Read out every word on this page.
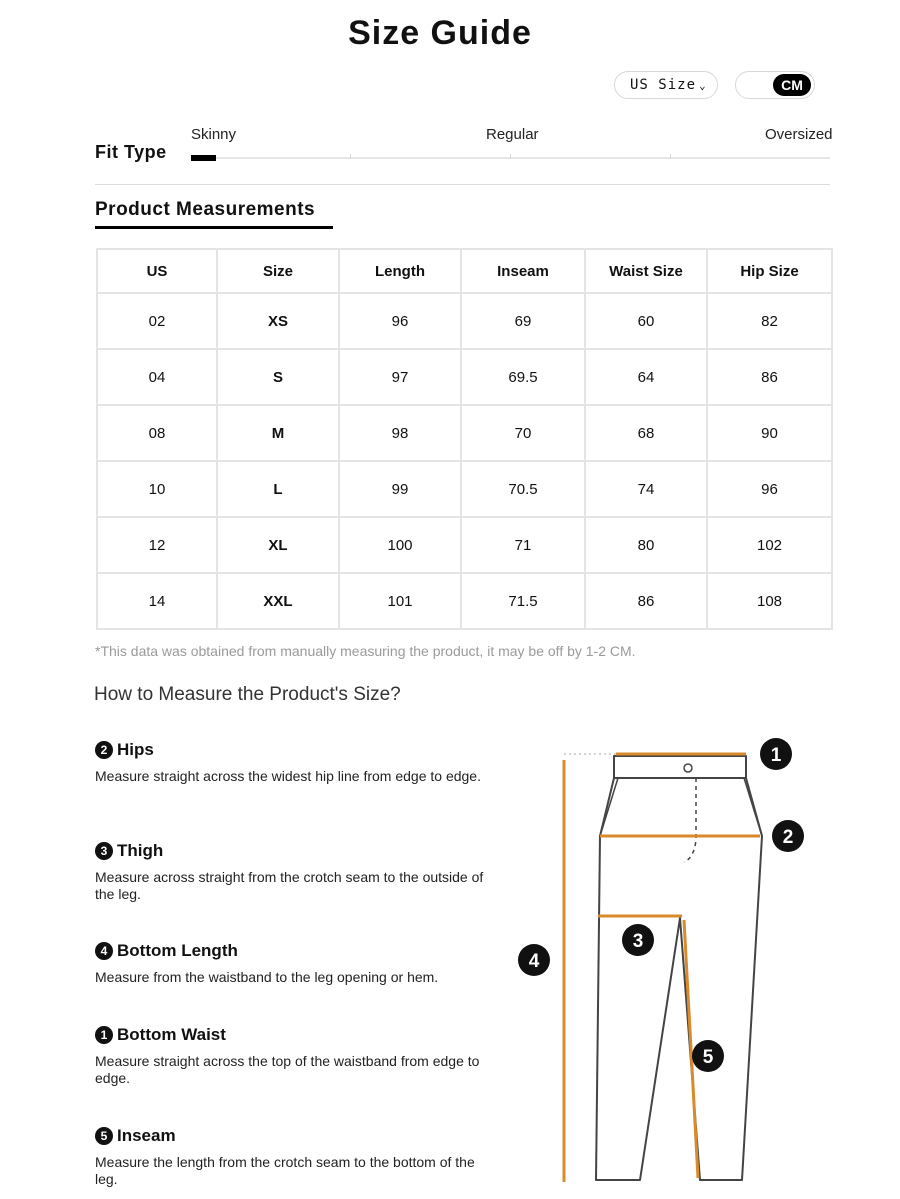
Size Guide
US Size ⌄	CM
Fit Type
Skinny	Regular	Oversized
Product Measurements
US	Size	Length	Inseam	Waist Size	Hip Size
02	XS	96	69	60	82
04	S	97	69.5	64	86
08	M	98	70	68	90
10	L	99	70.5	74	96
12	XL	100	71	80	102
14	XXL	101	71.5	86	108
*This data was obtained from manually measuring the product, it may be off by 1-2 CM.
How to Measure the Product's Size?
2 Hips
Measure straight across the widest hip line from edge to edge.
3 Thigh
Measure across straight from the crotch seam to the outside of the leg.
4 Bottom Length
Measure from the waistband to the leg opening or hem.
1 Bottom Waist
Measure straight across the top of the waistband from edge to edge.
5 Inseam
Measure the length from the crotch seam to the bottom of the leg.
1
2
3
4
5
